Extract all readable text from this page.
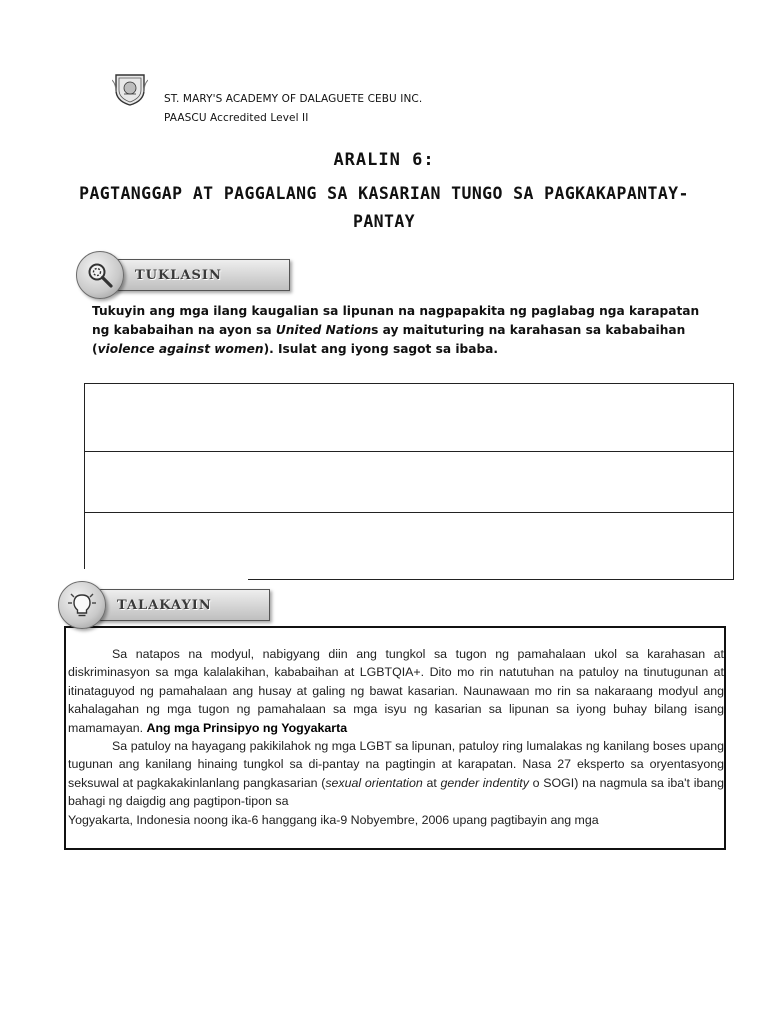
ST. MARY'S ACADEMY OF DALAGUETE CEBU INC.
PAASCU Accredited Level II
ARALIN 6:
PAGTANGGAP AT PAGGALANG SA KASARIAN TUNGO SA PAGKAKAPANTAY-
PANTAY
TUKLASIN
Tukuyin ang mga ilang kaugalian sa lipunan na nagpapakita ng paglabag nga karapatan ng kababaihan na ayon sa United Nations ay maituturing na karahasan sa kababaihan (violence against women). Isulat ang iyong sagot sa ibaba.
TALAKAYIN

Sa natapos na modyul, nabigyang diin ang tungkol sa tugon ng pamahalaan ukol sa karahasan at diskriminasyon sa mga kalalakihan, kababaihan at LGBTQIA+. Dito mo rin natutuhan na patuloy na tinutugunan at itinataguyod ng pamahalaan ang husay at galing ng bawat kasarian. Naunawaan mo rin sa nakaraang modyul ang kahalagahan ng mga tugon ng pamahalaan sa mga isyu ng kasarian sa lipunan sa iyong buhay bilang isang mamamayan. Ang mga Prinsipyo ng Yogyakarta

Sa patuloy na hayagang pakikilahok ng mga LGBT sa lipunan, patuloy ring lumalakas ng kanilang boses upang tugunan ang kanilang hinaing tungkol sa di-pantay na pagtingin at karapatan. Nasa 27 eksperto sa oryentasyong seksuwal at pagkakakinlanlang pangkasarian (sexual orientation at gender indentity o SOGI) na nagmula sa iba't ibang bahagi ng daigdig ang pagtipon-tipon sa

Yogyakarta, Indonesia noong ika-6 hanggang ika-9 Nobyembre, 2006 upang pagtibayin ang mga
